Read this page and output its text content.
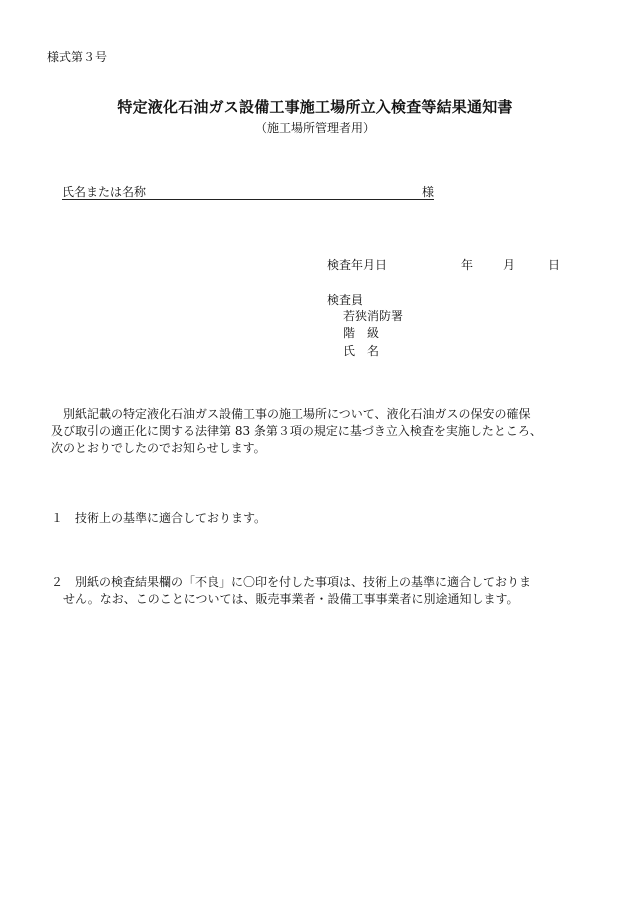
様式第３号
特定液化石油ガス設備工事施工場所立入検査等結果通知書
（施工場所管理者用）
氏名または名称	様
検査年月日	年 月	日
検査員
若狭消防署
階　級
氏　名
　別紙記載の特定液化石油ガス設備工事の施工場所について、液化石油ガスの保安の確保
及び取引の適正化に関する法律第 83 条第３項の規定に基づき立入検査を実施したところ、
次のとおりでしたのでお知らせします。
１ 技術上の基準に適合しております。
２ 別紙の検査結果欄の「不良」に〇印を付した事項は、技術上の基準に適合しておりま
せん。なお、このことについては、販売事業者・設備工事事業者に別途通知します。
